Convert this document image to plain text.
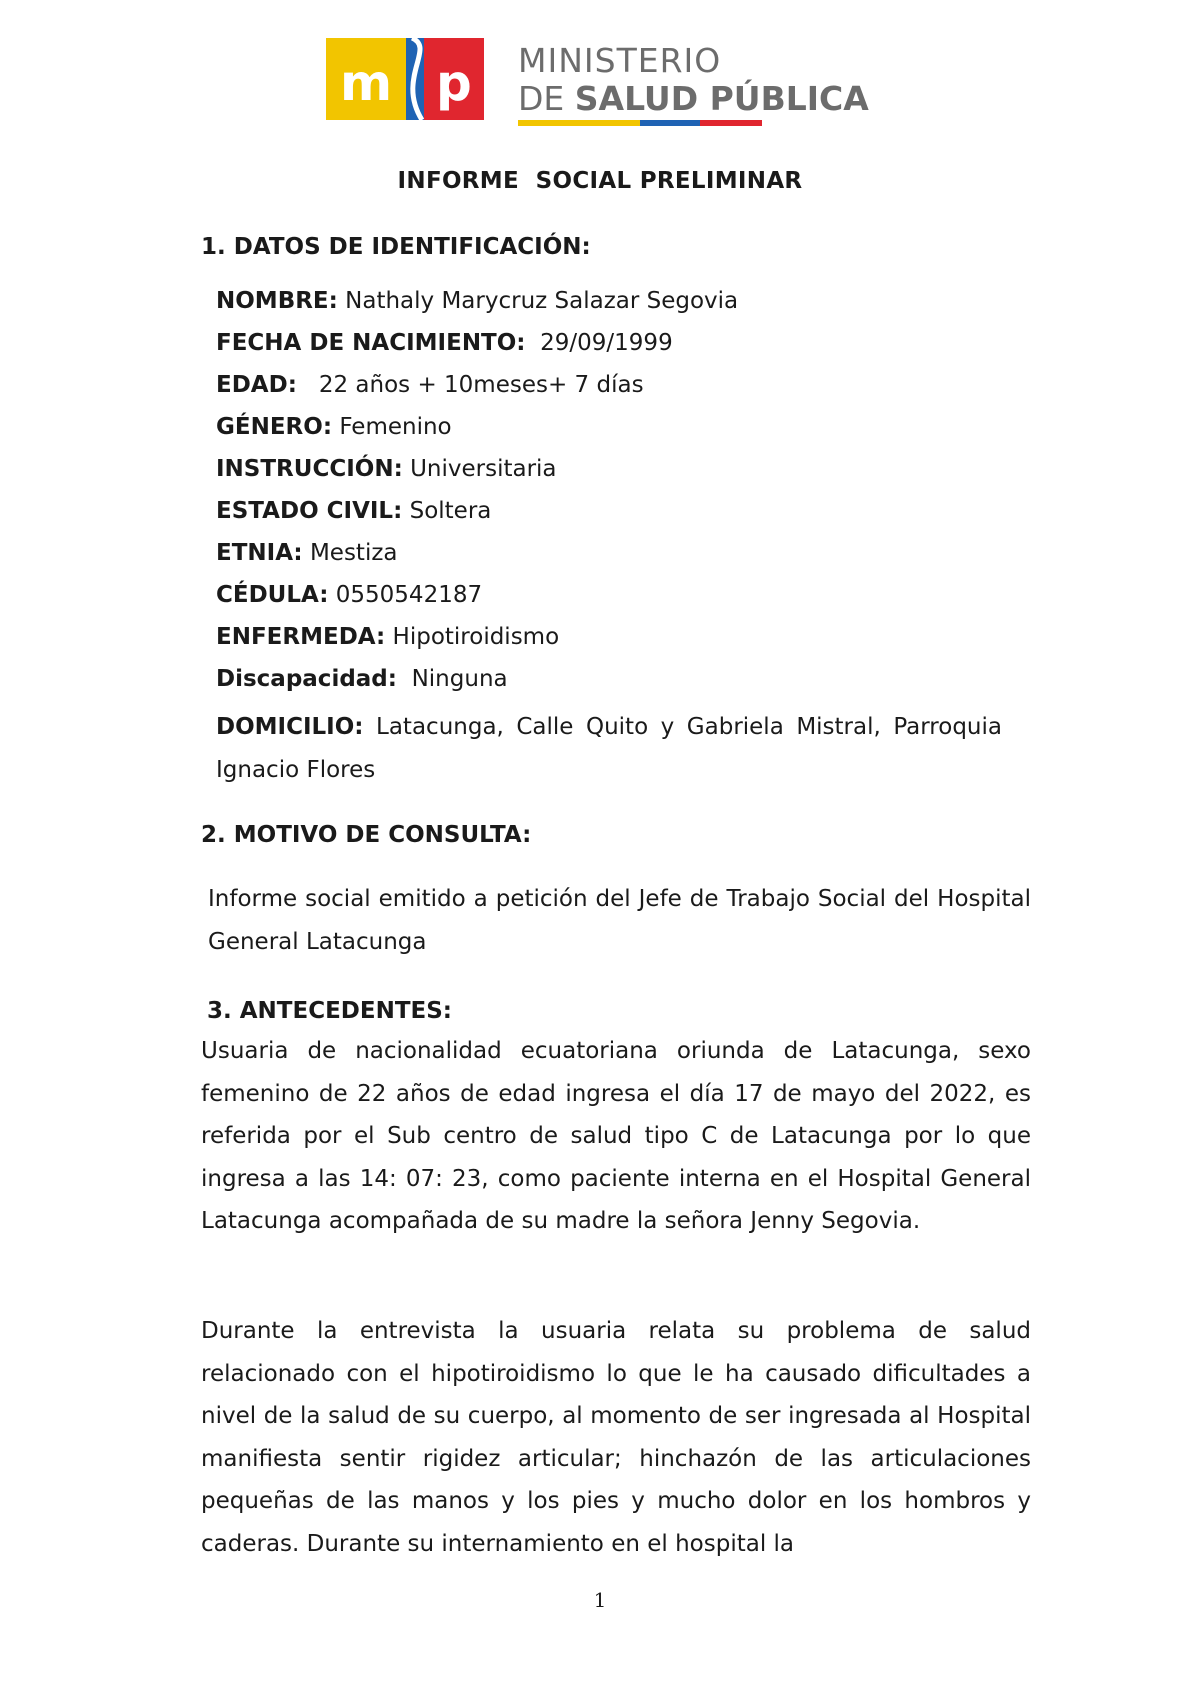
m p MINISTERIO
DE SALUD PÚBLICA
INFORME  SOCIAL PRELIMINAR
1. DATOS DE IDENTIFICACIÓN:
NOMBRE: Nathaly Marycruz Salazar Segovia
FECHA DE NACIMIENTO:  29/09/1999
EDAD:   22 años + 10meses+ 7 días
GÉNERO: Femenino
INSTRUCCIÓN: Universitaria
ESTADO CIVIL: Soltera
ETNIA: Mestiza
CÉDULA: 0550542187
ENFERMEDA: Hipotiroidismo
Discapacidad:  Ninguna
DOMICILIO: Latacunga, Calle Quito y Gabriela Mistral, Parroquia Ignacio Flores
2. MOTIVO DE CONSULTA:
Informe social emitido a petición del Jefe de Trabajo Social del Hospital General Latacunga
3. ANTECEDENTES:
Usuaria de nacionalidad ecuatoriana oriunda de Latacunga, sexo femenino de 22 años de edad ingresa el día 17 de mayo del 2022, es referida por el Sub centro de salud tipo C de Latacunga por lo que ingresa a las 14: 07: 23, como paciente interna en el Hospital General Latacunga acompañada de su madre la señora Jenny Segovia.
Durante la entrevista la usuaria relata su problema de salud relacionado con el hipotiroidismo lo que le ha causado dificultades a nivel de la salud de su cuerpo, al momento de ser ingresada al Hospital manifiesta sentir rigidez articular; hinchazón de las articulaciones pequeñas de las manos y los pies y mucho dolor en los hombros y caderas. Durante su internamiento en el hospital la
1
